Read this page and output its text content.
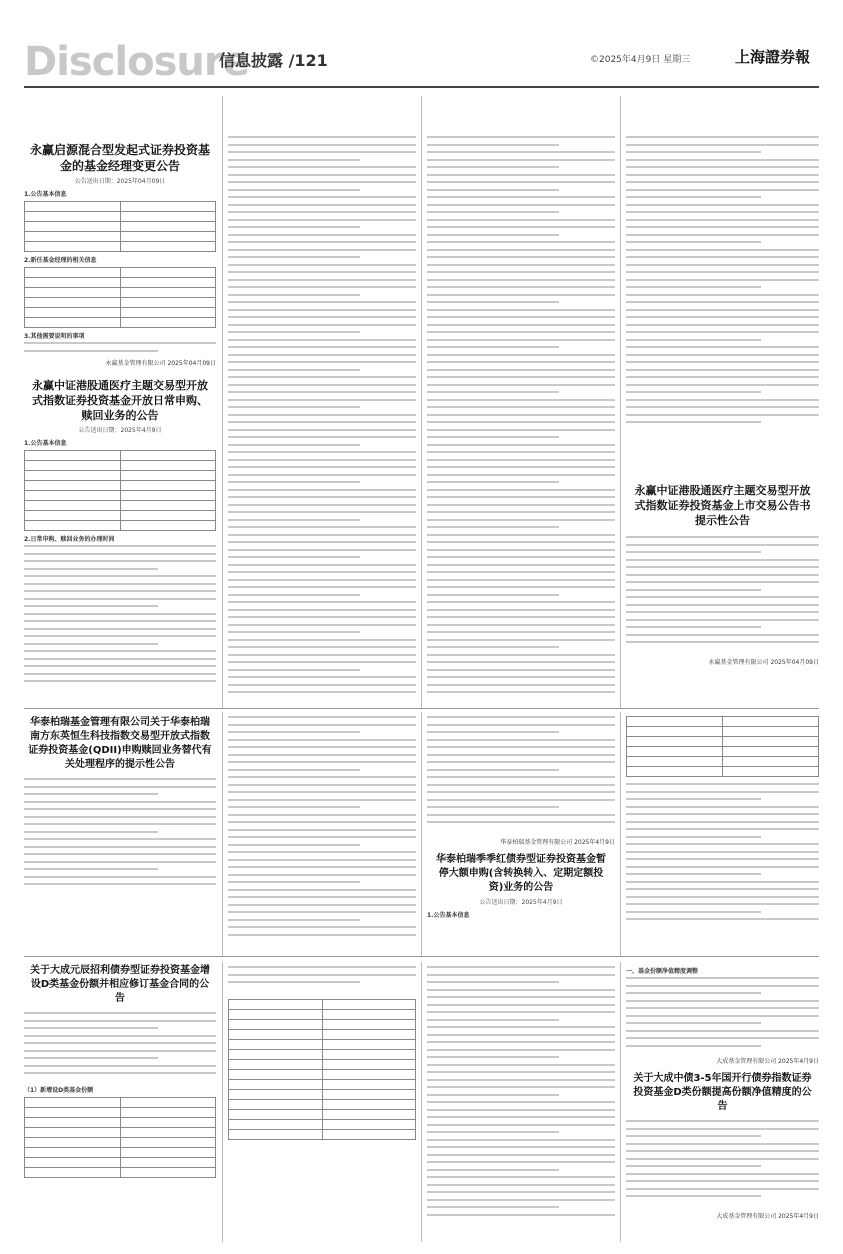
Disclosure
信息披露 /121	©2025年4月9日 星期三	上海證券報
永赢启源混合型发起式证券投资基金的基金经理变更公告
公告送出日期：2025年04月09日
1.公告基本信息

2.新任基金经理的相关信息

3.其他需要说明的事项
永赢基金管理有限公司 2025年04月09日
永赢中证港股通医疗主题交易型开放式指数证券投资基金开放日常申购、赎回业务的公告
公告送出日期：2025年4月9日
1.公告基本信息

2.日常申购、赎回业务的办理时间

永赢中证港股通医疗主题交易型开放式指数证券投资基金上市交易公告书提示性公告
永赢基金管理有限公司 2025年04月09日
华泰柏瑞基金管理有限公司关于华泰柏瑞南方东英恒生科技指数交易型开放式指数证券投资基金(QDII)申购赎回业务替代有关处理程序的提示性公告
华泰柏瑞基金管理有限公司 2025年4月9日
华泰柏瑞季季红债券型证券投资基金暂停大额申购(含转换转入、定期定额投资)业务的公告
公告送出日期：2025年4月9日
1.公告基本信息

关于大成元辰招利债券型证券投资基金增设D类基金份额并相应修订基金合同的公告
（1）新增设D类基金份额

一、基金份额净值精度调整
大成基金管理有限公司 2025年4月9日
关于大成中债3-5年国开行债券指数证券投资基金D类份额提高份额净值精度的公告
大成基金管理有限公司 2025年4月9日
